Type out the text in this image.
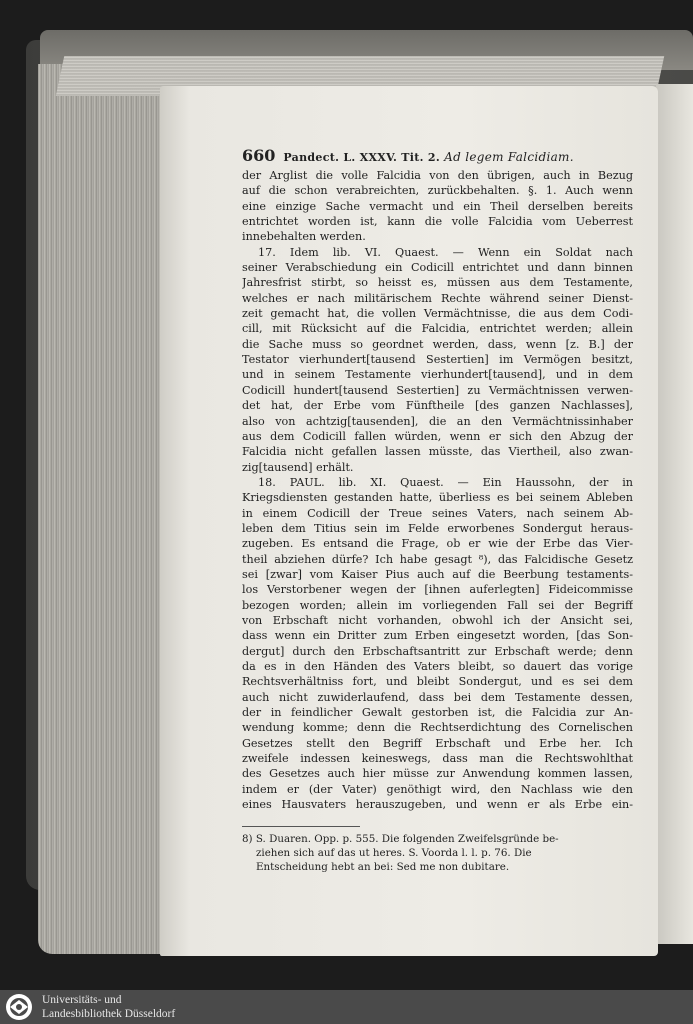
660 Pandect. L. XXXV. Tit. 2. Ad legem Falcidiam.
der Arglist die volle Falcidia von den übrigen, auch in Bezug
auf die schon verabreichten, zurückbehalten. §. 1. Auch wenn
eine einzige Sache vermacht und ein Theil derselben bereits
entrichtet worden ist, kann die volle Falcidia vom Ueberrest
innebehalten werden.
17. Idem lib. VI. Quaest. — Wenn ein Soldat nach
seiner Verabschiedung ein Codicill entrichtet und dann binnen
Jahresfrist stirbt, so heisst es, müssen aus dem Testamente,
welches er nach militärischem Rechte während seiner Dienst-
zeit gemacht hat, die vollen Vermächtnisse, die aus dem Codi-
cill, mit Rücksicht auf die Falcidia, entrichtet werden; allein
die Sache muss so geordnet werden, dass, wenn [z. B.] der
Testator vierhundert[tausend Sestertien] im Vermögen besitzt,
und in seinem Testamente vierhundert[tausend], und in dem
Codicill hundert[tausend Sestertien] zu Vermächtnissen verwen-
det hat, der Erbe vom Fünftheile [des ganzen Nachlasses],
also von achtzig[tausenden], die an den Vermächtnissinhaber
aus dem Codicill fallen würden, wenn er sich den Abzug der
Falcidia nicht gefallen lassen müsste, das Viertheil, also zwan-
zig[tausend] erhält.
18. PAUL. lib. XI. Quaest. — Ein Haussohn, der in
Kriegsdiensten gestanden hatte, überliess es bei seinem Ableben
in einem Codicill der Treue seines Vaters, nach seinem Ab-
leben dem Titius sein im Felde erworbenes Sondergut heraus-
zugeben. Es entsand die Frage, ob er wie der Erbe das Vier-
theil abziehen dürfe? Ich habe gesagt ⁸), das Falcidische Gesetz
sei [zwar] vom Kaiser Pius auch auf die Beerbung testaments-
los Verstorbener wegen der [ihnen auferlegten] Fideicommisse
bezogen worden; allein im vorliegenden Fall sei der Begriff
von Erbschaft nicht vorhanden, obwohl ich der Ansicht sei,
dass wenn ein Dritter zum Erben eingesetzt worden, [das Son-
dergut] durch den Erbschaftsantritt zur Erbschaft werde; denn
da es in den Händen des Vaters bleibt, so dauert das vorige
Rechtsverhältniss fort, und bleibt Sondergut, und es sei dem
auch nicht zuwiderlaufend, dass bei dem Testamente dessen,
der in feindlicher Gewalt gestorben ist, die Falcidia zur An-
wendung komme; denn die Rechtserdichtung des Cornelischen
Gesetzes stellt den Begriff Erbschaft und Erbe her. Ich
zweifele indessen keineswegs, dass man die Rechtswohlthat
des Gesetzes auch hier müsse zur Anwendung kommen lassen,
indem er (der Vater) genöthigt wird, den Nachlass wie den
eines Hausvaters herauszugeben, und wenn er als Erbe ein-
8) S. Duaren. Opp. p. 555. Die folgenden Zweifelsgründe be-
ziehen sich auf das ut heres. S. Voorda l. l. p. 76. Die
Entscheidung hebt an bei: Sed me non dubitare.
Universitäts- und
Landesbibliothek Düsseldorf
